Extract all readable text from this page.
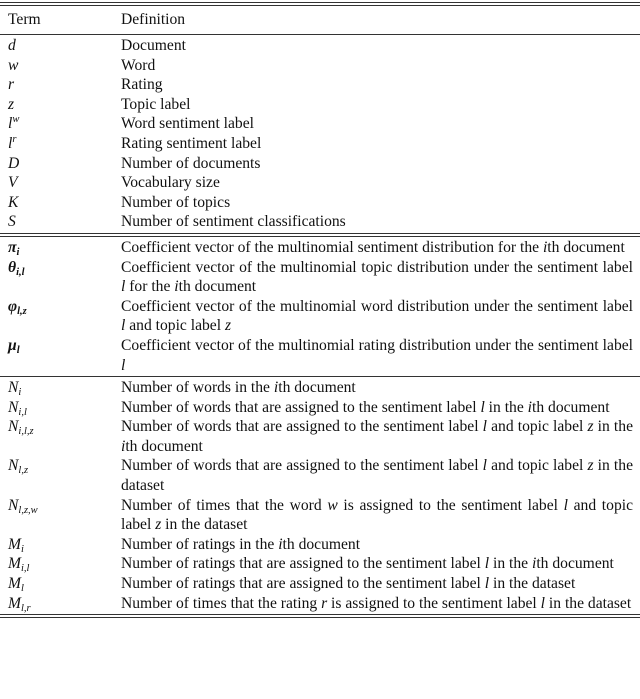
Term	Definition
d	Document
w	Word
r	Rating
z	Topic label
$l^w$	Word sentiment label
$l^r$	Rating sentiment label
D	Number of documents
V	Vocabulary size
K	Number of topics
S	Number of sentiment classifications
$\pi_i$	Coefficient vector of the multinomial sentiment distribution for the ith document
$\theta_{i,l}$	Coefficient vector of the multinomial topic distribution under the sentiment label l for the ith document
$\varphi_{l,z}$	Coefficient vector of the multinomial word distribution under the sentiment label l and topic label z
$\mu_l$	Coefficient vector of the multinomial rating distribution under the sentiment label l
$N_i$	Number of words in the ith document
$N_{i,l}$	Number of words that are assigned to the sentiment label l in the ith document
$N_{i,l,z}$	Number of words that are assigned to the sentiment label l and topic label z in the ith document
$N_{l,z}$	Number of words that are assigned to the sentiment label l and topic label z in the dataset
$N_{l,z,w}$	Number of times that the word w is assigned to the sentiment label l and topic label z in the dataset
$M_i$	Number of ratings in the ith document
$M_{i,l}$	Number of ratings that are assigned to the sentiment label l in the ith document
$M_l$	Number of ratings that are assigned to the sentiment label l in the dataset
$M_{l,r}$	Number of times that the rating r is assigned to the sentiment label l in the dataset
